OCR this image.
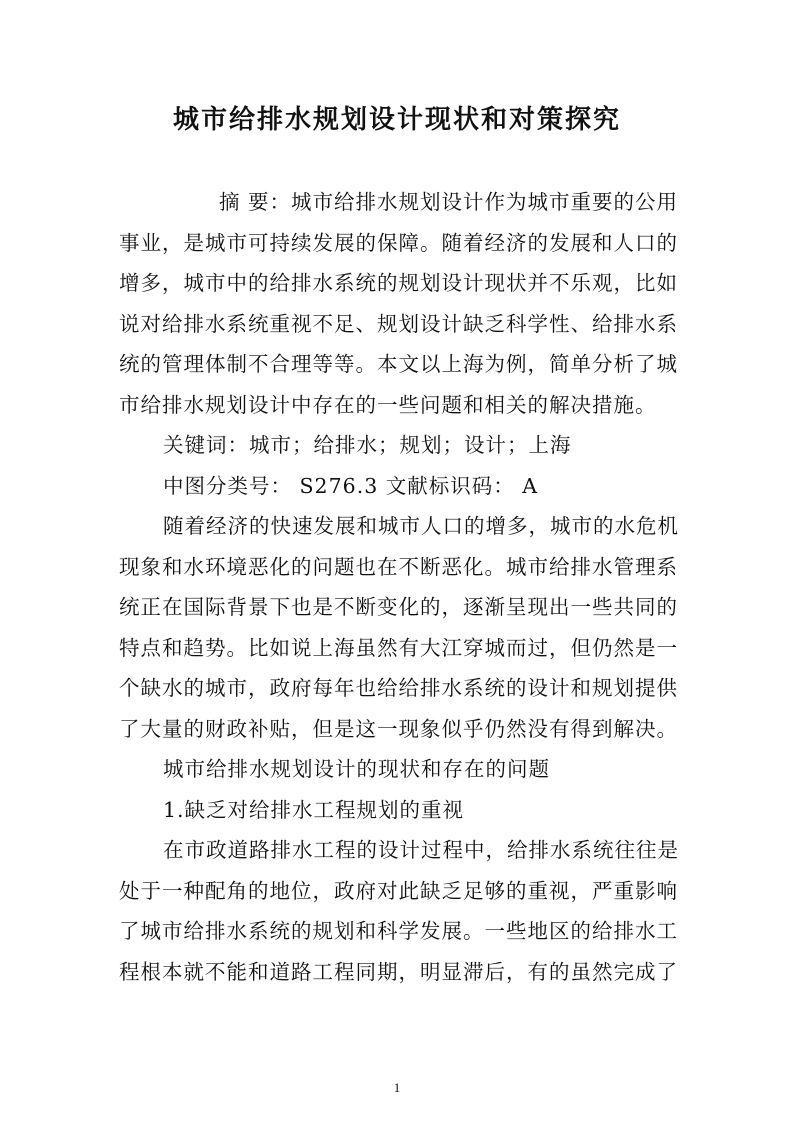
城市给排水规划设计现状和对策探究
摘 要：城市给排水规划设计作为城市重要的公用
事业，是城市可持续发展的保障。随着经济的发展和人口的
增多，城市中的给排水系统的规划设计现状并不乐观，比如
说对给排水系统重视不足、规划设计缺乏科学性、给排水系
统的管理体制不合理等等。本文以上海为例，简单分析了城
市给排水规划设计中存在的一些问题和相关的解决措施。
关键词：城市；给排水；规划；设计；上海
中图分类号： S276.3 文献标识码： A
随着经济的快速发展和城市人口的增多，城市的水危机
现象和水环境恶化的问题也在不断恶化。城市给排水管理系
统正在国际背景下也是不断变化的，逐渐呈现出一些共同的
特点和趋势。比如说上海虽然有大江穿城而过，但仍然是一
个缺水的城市，政府每年也给给排水系统的设计和规划提供
了大量的财政补贴，但是这一现象似乎仍然没有得到解决。
城市给排水规划设计的现状和存在的问题
1.缺乏对给排水工程规划的重视
在市政道路排水工程的设计过程中，给排水系统往往是
处于一种配角的地位，政府对此缺乏足够的重视，严重影响
了城市给排水系统的规划和科学发展。一些地区的给排水工
程根本就不能和道路工程同期，明显滞后，有的虽然完成了
1
